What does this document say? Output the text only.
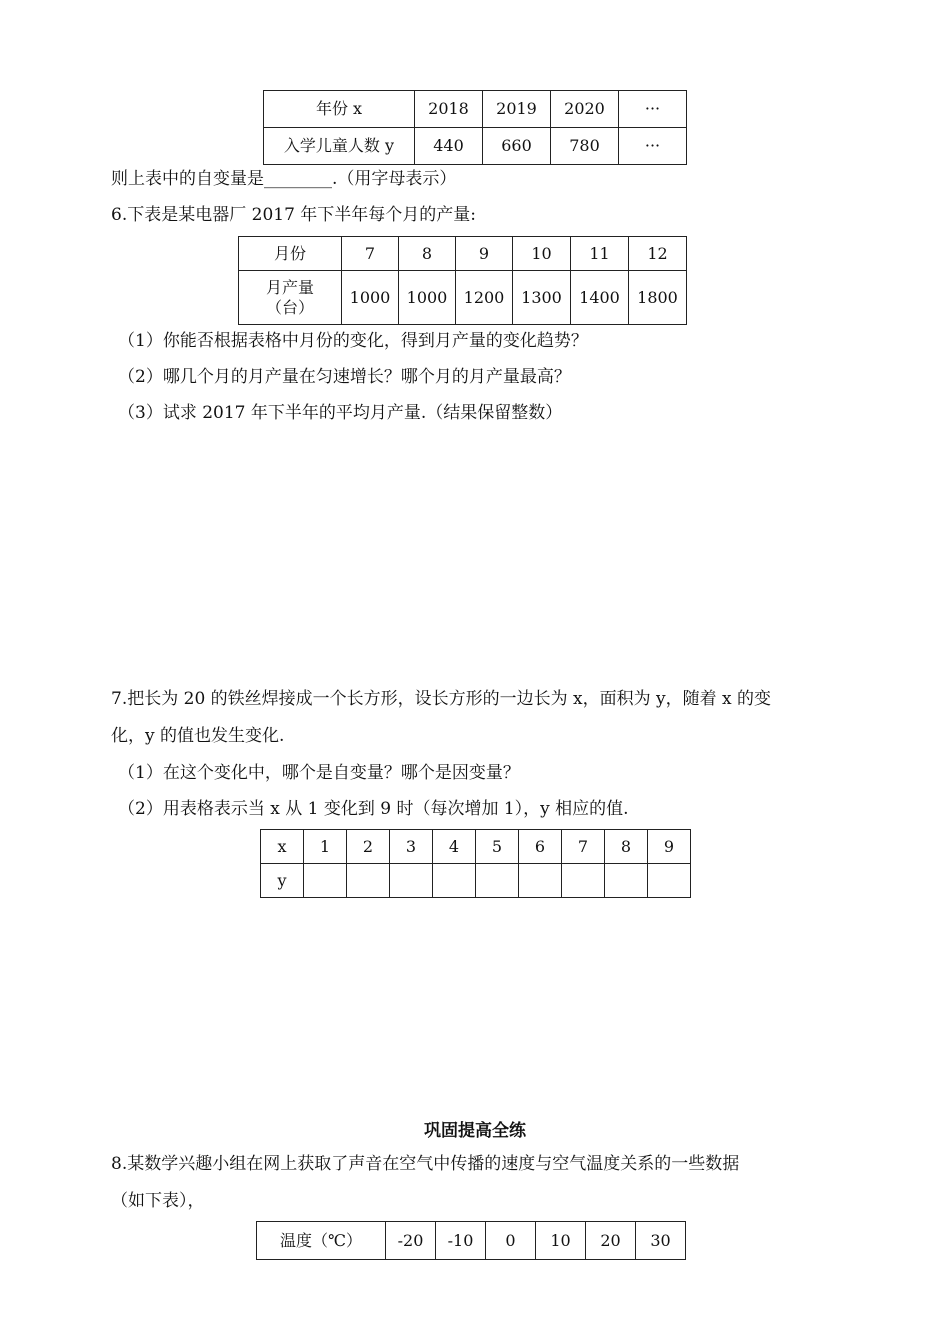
年份 x	2018	2019	2020	···
入学儿童人数 y	440	660	780	···
则上表中的自变量是________.（用字母表示）
6.下表是某电器厂 2017 年下半年每个月的产量:
月份	7	8	9	10	11	12

月产量
（台）	1000	1000	1200	1300	1400	1800
（1）你能否根据表格中月份的变化，得到月产量的变化趋势？
（2）哪几个月的月产量在匀速增长？哪个月的月产量最高？
（3）试求 2017 年下半年的平均月产量.（结果保留整数）
7.把长为 20 的铁丝焊接成一个长方形，设长方形的一边长为 x，面积为 y，随着 x 的变
化，y 的值也发生变化.
（1）在这个变化中，哪个是自变量？哪个是因变量？
（2）用表格表示当 x 从 1 变化到 9 时（每次增加 1），y 相应的值.
x	1	2	3	4	5	6	7	8	9
y									
巩固提高全练
8.某数学兴趣小组在网上获取了声音在空气中传播的速度与空气温度关系的一些数据
（如下表），
温度（℃）	-20	-10	0	10	20	30
